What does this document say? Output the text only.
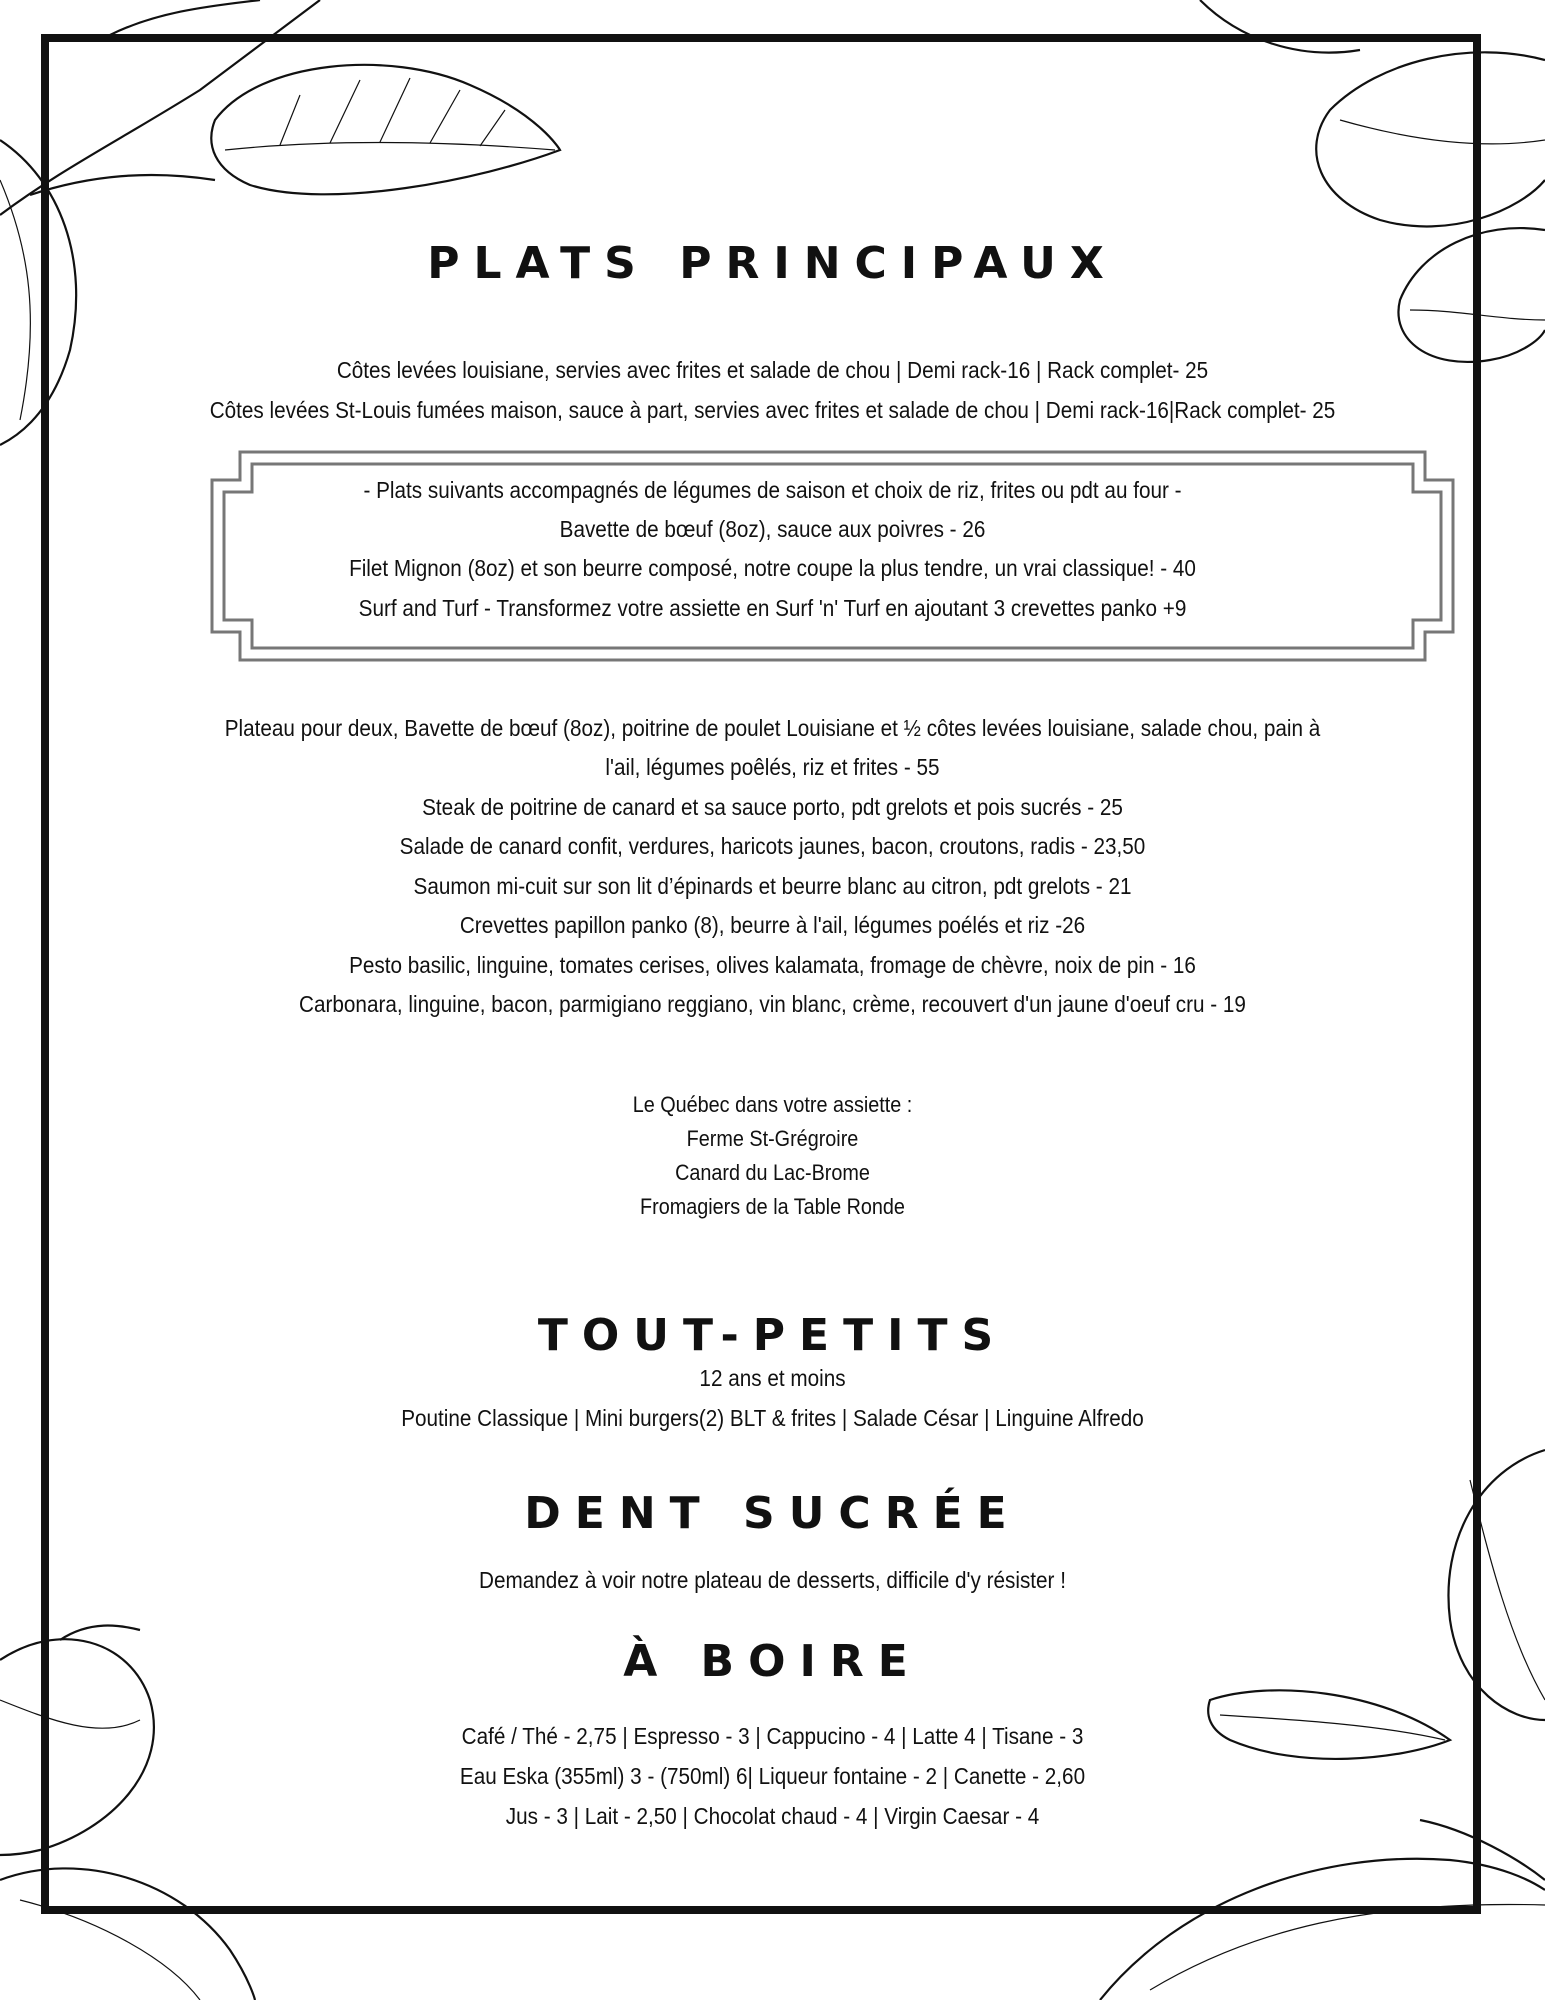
PLATS PRINCIPAUX
Côtes levées louisiane, servies avec frites et salade de chou | Demi rack-16 | Rack complet- 25
Côtes levées St-Louis fumées maison, sauce à part, servies avec frites et salade de chou | Demi rack-16|Rack complet- 25
- Plats suivants accompagnés de légumes de saison et choix de riz, frites ou pdt au four -
Bavette de bœuf (8oz), sauce aux poivres - 26
Filet Mignon (8oz) et son beurre composé, notre coupe la plus tendre, un vrai classique! - 40
Surf and Turf - Transformez votre assiette en Surf 'n' Turf en ajoutant 3 crevettes panko +9
Plateau pour deux, Bavette de bœuf (8oz), poitrine de poulet Louisiane et ½ côtes levées louisiane, salade chou, pain à
l'ail, légumes poêlés, riz et frites - 55
Steak de poitrine de canard et sa sauce porto, pdt grelots et pois sucrés - 25
Salade de canard confit, verdures, haricots jaunes, bacon, croutons, radis - 23,50
Saumon mi-cuit sur son lit d’épinards et beurre blanc au citron, pdt grelots - 21
Crevettes papillon panko (8), beurre à l'ail, légumes poélés et riz -26
Pesto basilic, linguine, tomates cerises, olives kalamata, fromage de chèvre, noix de pin - 16
Carbonara, linguine, bacon, parmigiano reggiano, vin blanc, crème, recouvert d'un jaune d'oeuf cru - 19
Le Québec dans votre assiette :
Ferme St-Grégroire
Canard du Lac-Brome
Fromagiers de la Table Ronde
TOUT-PETITS
12 ans et moins
Poutine Classique | Mini burgers(2) BLT & frites | Salade César | Linguine Alfredo
DENT SUCRÉE
Demandez à voir notre plateau de desserts, difficile d'y résister !
À BOIRE
Café / Thé - 2,75 | Espresso - 3 | Cappucino - 4 | Latte 4 | Tisane - 3
Eau Eska (355ml) 3 - (750ml) 6| Liqueur fontaine - 2 | Canette - 2,60
Jus - 3 | Lait - 2,50 | Chocolat chaud - 4 | Virgin Caesar - 4
